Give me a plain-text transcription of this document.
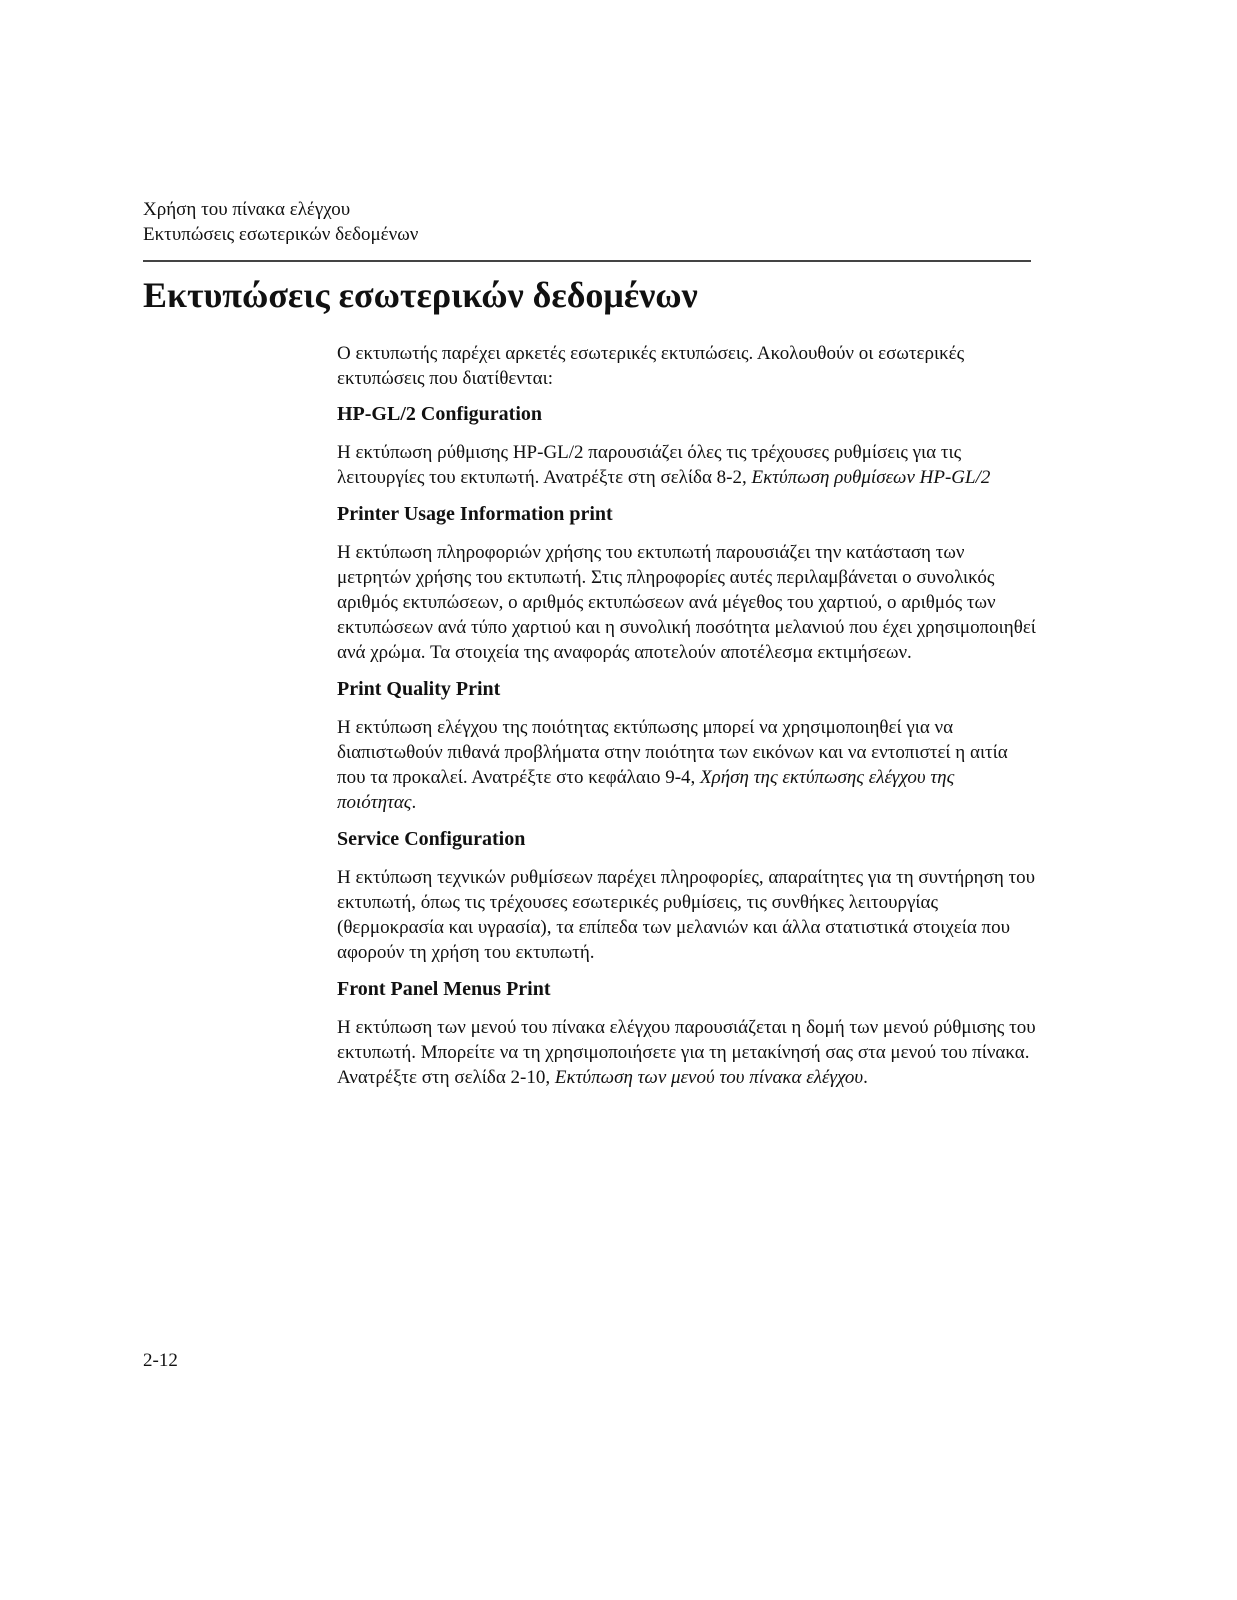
Χρήση του πίνακα ελέγχου
Εκτυπώσεις εσωτερικών δεδομένων
Εκτυπώσεις εσωτερικών δεδομένων

Ο εκτυπωτής παρέχει αρκετές εσωτερικές εκτυπώσεις. Ακολουθούν οι εσωτερικές εκτυπώσεις που διατίθενται:

HP-GL/2 Configuration

Η εκτύπωση ρύθμισης HP-GL/2 παρουσιάζει όλες τις τρέχουσες ρυθμίσεις για τις λειτουργίες του εκτυπωτή. Ανατρέξτε στη σελίδα 8-2, Εκτύπωση ρυθμίσεων HP-GL/2

Printer Usage Information print

Η εκτύπωση πληροφοριών χρήσης του εκτυπωτή παρουσιάζει την κατάσταση των μετρητών χρήσης του εκτυπωτή. Στις πληροφορίες αυτές περιλαμβάνεται ο συνολικός αριθμός εκτυπώσεων, ο αριθμός εκτυπώσεων ανά μέγεθος του χαρτιού, ο αριθμός των εκτυπώσεων ανά τύπο χαρτιού και η συνολική ποσότητα μελανιού που έχει χρησιμοποιηθεί ανά χρώμα. Τα στοιχεία της αναφοράς αποτελούν αποτέλεσμα εκτιμήσεων.

Print Quality Print

Η εκτύπωση ελέγχου της ποιότητας εκτύπωσης μπορεί να χρησιμοποιηθεί για να διαπιστωθούν πιθανά προβλήματα στην ποιότητα των εικόνων και να εντοπιστεί η αιτία που τα προκαλεί. Ανατρέξτε στο κεφάλαιο 9-4, Χρήση της εκτύπωσης ελέγχου της ποιότητας.

Service Configuration

Η εκτύπωση τεχνικών ρυθμίσεων παρέχει πληροφορίες, απαραίτητες για τη συντήρηση του εκτυπωτή, όπως τις τρέχουσες εσωτερικές ρυθμίσεις, τις συνθήκες λειτουργίας (θερμοκρασία και υγρασία), τα επίπεδα των μελανιών και άλλα στατιστικά στοιχεία που αφορούν τη χρήση του εκτυπωτή.

Front Panel Menus Print

Η εκτύπωση των μενού του πίνακα ελέγχου παρουσιάζεται η δομή των μενού ρύθμισης του εκτυπωτή. Μπορείτε να τη χρησιμοποιήσετε για τη μετακίνησή σας στα μενού του πίνακα. Ανατρέξτε στη σελίδα 2-10, Εκτύπωση των μενού του πίνακα ελέγχου.

2-12
